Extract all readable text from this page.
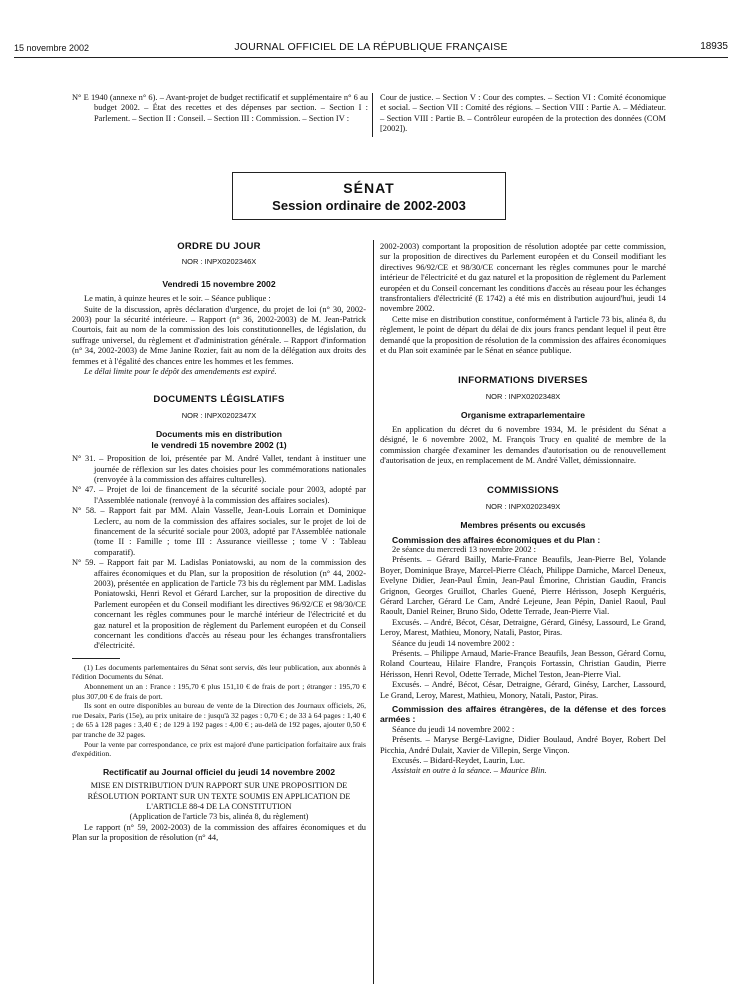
15 novembre 2002	JOURNAL OFFICIEL DE LA RÉPUBLIQUE FRANÇAISE	18935

N° E 1940 (annexe n° 6). – Avant-projet de budget rectificatif et supplémentaire n° 6 au budget 2002. – État des recettes et des dépenses par section. – Section I : Parlement. – Section II : Conseil. – Section III : Commission. – Section IV :

Cour de justice. – Section V : Cour des comptes. – Section VI : Comité économique et social. – Section VII : Comité des régions. – Section VIII : Partie A. – Médiateur. – Section VIII : Partie B. – Contrôleur européen de la protection des données (COM [2002]).

SÉNAT
Session ordinaire de 2002-2003
ORDRE DU JOUR
NOR : INPX0202346X
Vendredi 15 novembre 2002

Le matin, à quinze heures et le soir. – Séance publique :

Suite de la discussion, après déclaration d'urgence, du projet de loi (n° 30, 2002-2003) pour la sécurité intérieure. – Rapport (n° 36, 2002-2003) de M. Jean-Patrick Courtois, fait au nom de la commission des lois constitutionnelles, de législation, du suffrage universel, du règlement et d'administration générale. – Rapport d'information (n° 34, 2002-2003) de Mme Janine Rozier, fait au nom de la délégation aux droits des femmes et à l'égalité des chances entre les hommes et les femmes.

Le délai limite pour le dépôt des amendements est expiré.

DOCUMENTS LÉGISLATIFS
NOR : INPX0202347X
Documents mis en distribution
le vendredi 15 novembre 2002 (1)

N° 31. – Proposition de loi, présentée par M. André Vallet, tendant à instituer une journée de réflexion sur les dates choisies pour les commémorations nationales (renvoyée à la commission des affaires culturelles).

N° 47. – Projet de loi de financement de la sécurité sociale pour 2003, adopté par l'Assemblée nationale (renvoyé à la commission des affaires sociales).

N° 58. – Rapport fait par MM. Alain Vasselle, Jean-Louis Lorrain et Dominique Leclerc, au nom de la commission des affaires sociales, sur le projet de loi de financement de la sécurité sociale pour 2003, adopté par l'Assemblée nationale (tome II : Famille ; tome III : Assurance vieillesse ; tome V : Tableau comparatif).

N° 59. – Rapport fait par M. Ladislas Poniatowski, au nom de la commission des affaires économiques et du Plan, sur la proposition de résolution (n° 44, 2002-2003), présentée en application de l'article 73 bis du règlement par MM. Ladislas Poniatowski, Henri Revol et Gérard Larcher, sur la proposition de directive du Parlement européen et du Conseil modifiant les directives 96/92/CE et 98/30/CE concernant les règles communes pour le marché intérieur de l'électricité et du gaz naturel et la proposition de règlement du Parlement européen et du Conseil concernant les conditions d'accès au réseau pour les échanges transfrontaliers d'électricité.

(1) Les documents parlementaires du Sénat sont servis, dès leur publication, aux abonnés à l'édition Documents du Sénat.

Abonnement un an : France : 195,70 € plus 151,10 € de frais de port ; étranger : 195,70 € plus 307,00 € de frais de port.

Ils sont en outre disponibles au bureau de vente de la Direction des Journaux officiels, 26, rue Desaix, Paris (15e), au prix unitaire de : jusqu'à 32 pages : 0,70 € ; de 33 à 64 pages : 1,40 € ; de 65 à 128 pages : 3,40 € ; de 129 à 192 pages : 4,00 € ; au-delà de 192 pages, ajouter 0,50 € par tranche de 32 pages.

Pour la vente par correspondance, ce prix est majoré d'une participation forfaitaire aux frais d'expédition.

Rectificatif au Journal officiel du jeudi 14 novembre 2002
MISE EN DISTRIBUTION D'UN RAPPORT SUR UNE PROPOSITION DE RÉSOLUTION PORTANT SUR UN TEXTE SOUMIS EN APPLICATION DE L'ARTICLE 88-4 DE LA CONSTITUTION
(Application de l'article 73 bis, alinéa 8, du règlement)

Le rapport (n° 59, 2002-2003) de la commission des affaires économiques et du Plan sur la proposition de résolution (n° 44,

2002-2003) comportant la proposition de résolution adoptée par cette commission, sur la proposition de directives du Parlement européen et du Conseil modifiant les directives 96/92/CE et 98/30/CE concernant les règles communes pour le marché intérieur de l'électricité et du gaz naturel et la proposition de règlement du Parlement européen et du Conseil concernant les conditions d'accès au réseau pour les échanges transfrontaliers d'électricité (E 1742) a été mis en distribution aujourd'hui, jeudi 14 novembre 2002.

Cette mise en distribution constitue, conformément à l'article 73 bis, alinéa 8, du règlement, le point de départ du délai de dix jours francs pendant lequel il peut être demandé que la proposition de résolution de la commission des affaires économiques et du Plan soit examinée par le Sénat en séance publique.

INFORMATIONS DIVERSES
NOR : INPX0202348X
Organisme extraparlementaire

En application du décret du 6 novembre 1934, M. le président du Sénat a désigné, le 6 novembre 2002, M. François Trucy en qualité de membre de la commission chargée d'examiner les demandes d'autorisation ou de renouvellement d'autorisation de jeux, en remplacement de M. André Vallet, démissionnaire.

COMMISSIONS
NOR : INPX0202349X
Membres présents ou excusés

Commission des affaires économiques et du Plan :

2e séance du mercredi 13 novembre 2002 :

Présents. – Gérard Bailly, Marie-France Beaufils, Jean-Pierre Bel, Yolande Boyer, Dominique Braye, Marcel-Pierre Cléach, Philippe Darniche, Marcel Deneux, Evelyne Didier, Jean-Paul Émin, Jean-Paul Émorine, Christian Gaudin, Francis Grignon, Georges Gruillot, Charles Guené, Pierre Hérisson, Joseph Kerguéris, Gérard Larcher, Gérard Le Cam, André Lejeune, Jean Pépin, Daniel Raoul, Paul Raoult, Daniel Reiner, Bruno Sido, Odette Terrade, Jean-Pierre Vial.

Excusés. – André, Bécot, César, Detraigne, Gérard, Ginésy, Lassourd, Le Grand, Leroy, Marest, Mathieu, Monory, Natali, Pastor, Piras.

Séance du jeudi 14 novembre 2002 :

Présents. – Philippe Arnaud, Marie-France Beaufils, Jean Besson, Gérard Cornu, Roland Courteau, Hilaire Flandre, François Fortassin, Christian Gaudin, Pierre Hérisson, Henri Revol, Odette Terrade, Michel Teston, Jean-Pierre Vial.

Excusés. – André, Bécot, César, Detraigne, Gérard, Ginésy, Larcher, Lassourd, Le Grand, Leroy, Marest, Mathieu, Monory, Natali, Pastor, Piras.

Commission des affaires étrangères, de la défense et des forces armées :

Séance du jeudi 14 novembre 2002 :

Présents. – Maryse Bergé-Lavigne, Didier Boulaud, André Boyer, Robert Del Picchia, André Dulait, Xavier de Villepin, Serge Vinçon.

Excusés. – Bidard-Reydet, Laurin, Luc.

Assistait en outre à la séance. – Maurice Blin.
